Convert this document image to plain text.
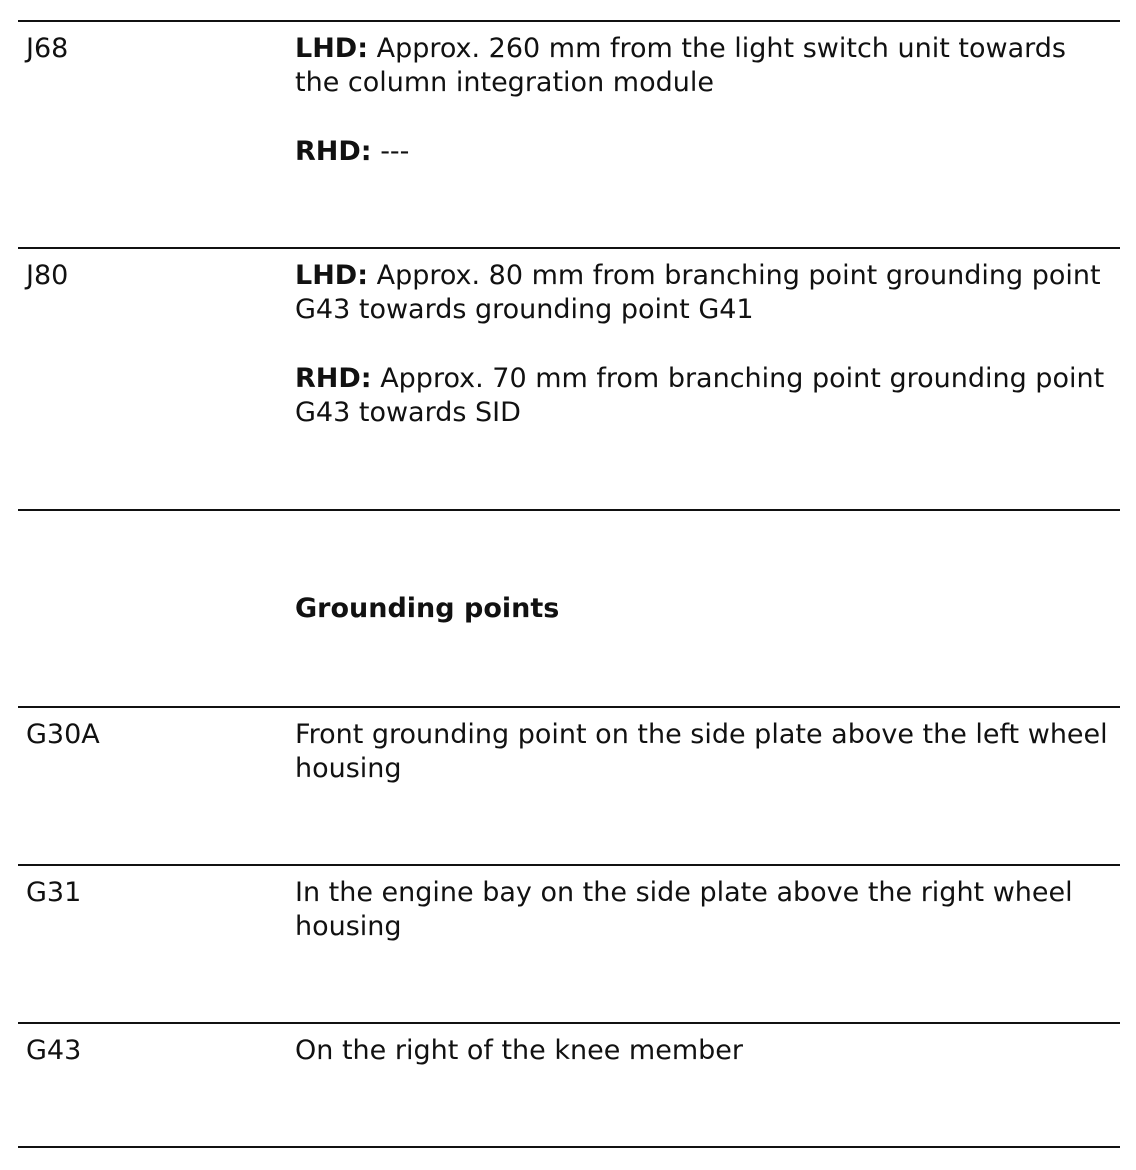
J68	LHD: Approx. 260 mm from the light switch unit towards the column integration module

RHD: ---

J80	LHD: Approx. 80 mm from branching point grounding point G43 towards grounding point G41

RHD: Approx. 70 mm from branching point grounding point G43 towards SID

Grounding points
G30A	Front grounding point on the side plate above the left wheel housing
G31	In the engine bay on the side plate above the right wheel housing
G43	On the right of the knee member
